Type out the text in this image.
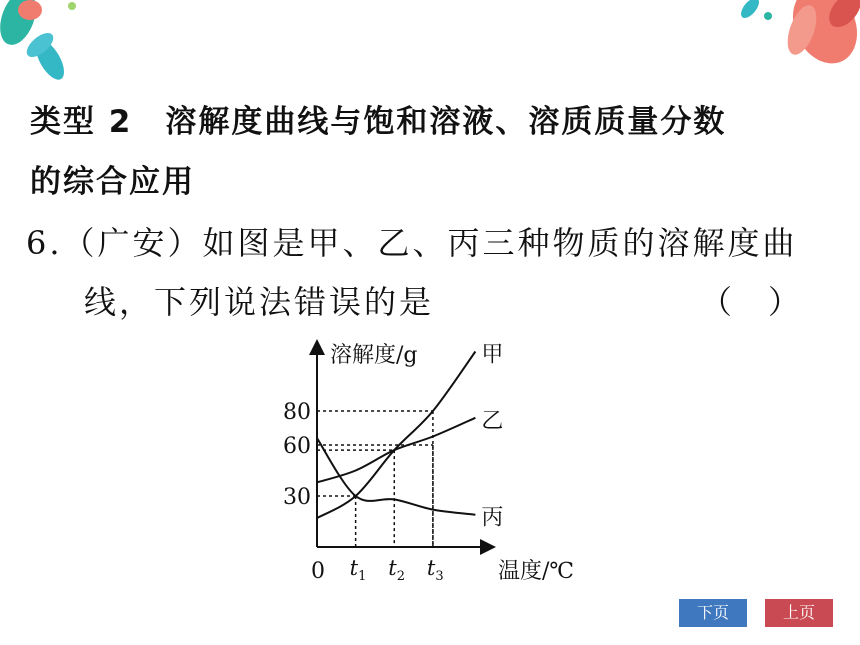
类型 2　溶解度曲线与饱和溶液、溶质质量分数
的综合应用
6.（广安）如图是甲、乙、丙三种物质的溶解度曲
线，下列说法错误的是	（　）
甲
乙
丙
30
60
80
$t_1$ $t_2$ $t_3$
溶解度/g
温度/℃
0
下页	上页
